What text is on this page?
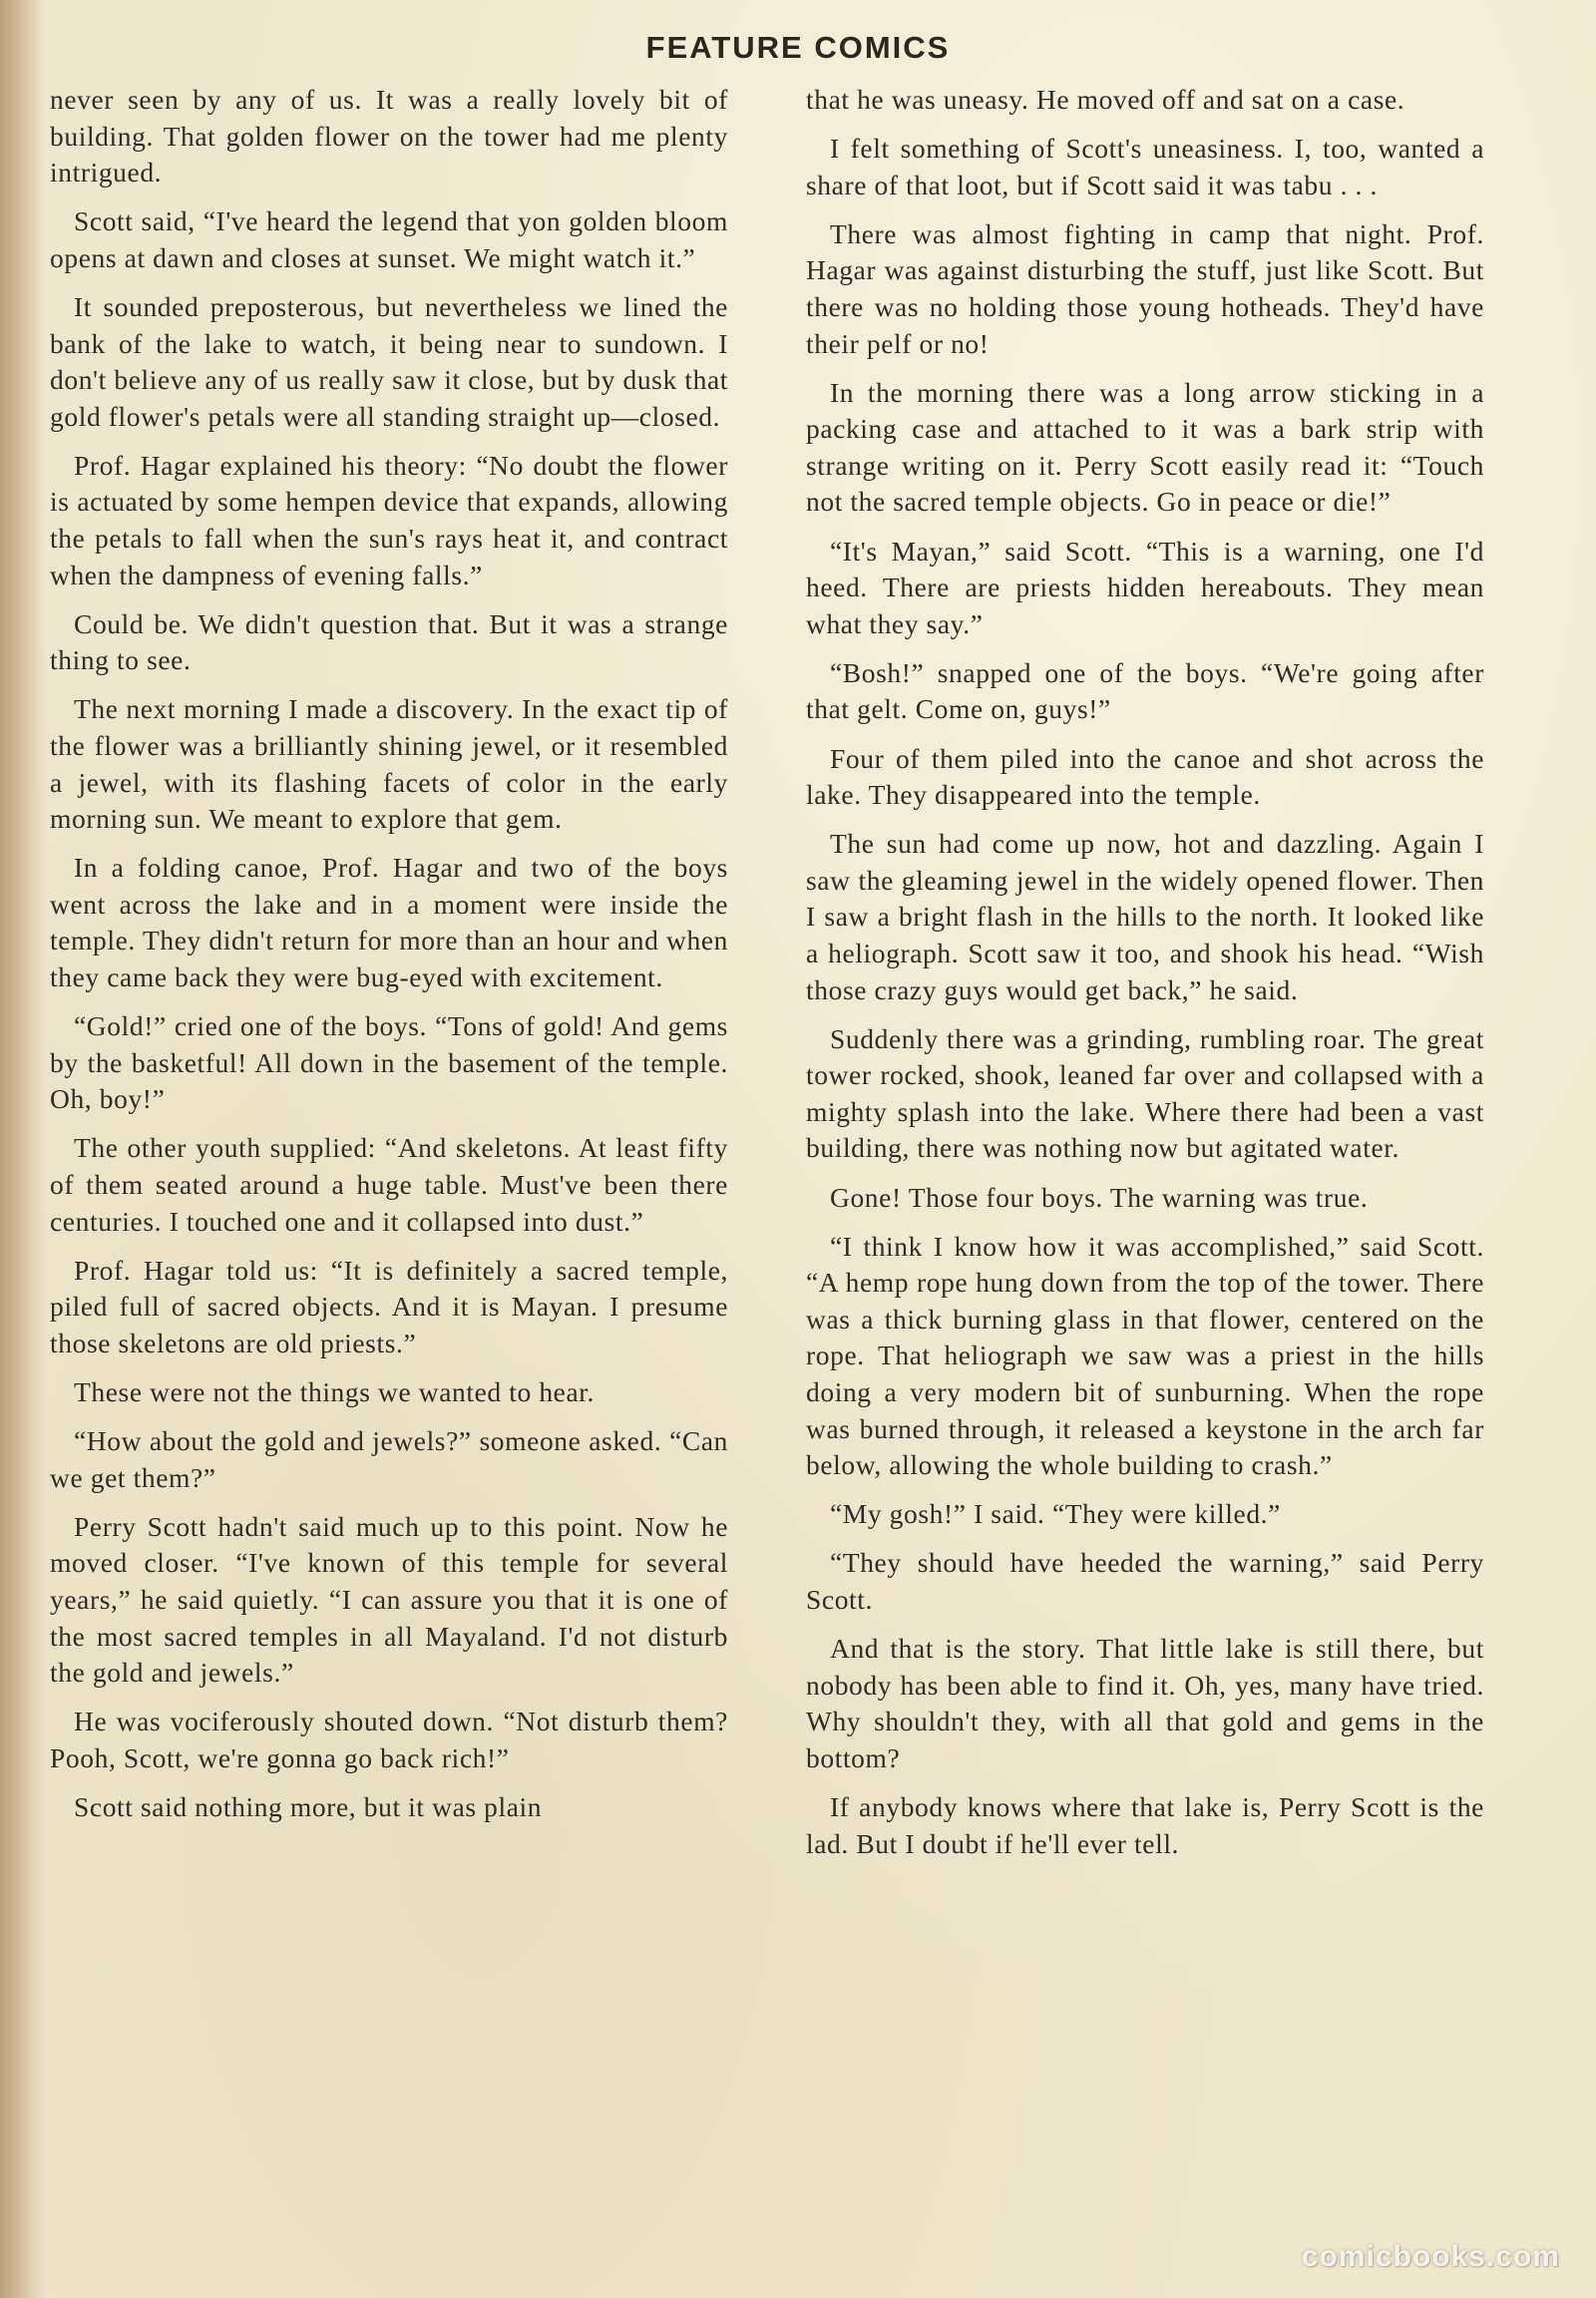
FEATURE COMICS

never seen by any of us. It was a really lovely bit of building. That golden flower on the tower had me plenty intrigued.

Scott said, “I've heard the legend that yon golden bloom opens at dawn and closes at sunset. We might watch it.”

It sounded preposterous, but nevertheless we lined the bank of the lake to watch, it being near to sundown. I don't believe any of us really saw it close, but by dusk that gold flower's petals were all standing straight up—closed.

Prof. Hagar explained his theory: “No doubt the flower is actuated by some hempen device that expands, allowing the petals to fall when the sun's rays heat it, and contract when the dampness of evening falls.”

Could be. We didn't question that. But it was a strange thing to see.

The next morning I made a discovery. In the exact tip of the flower was a brilliantly shining jewel, or it resembled a jewel, with its flashing facets of color in the early morning sun. We meant to explore that gem.

In a folding canoe, Prof. Hagar and two of the boys went across the lake and in a moment were inside the temple. They didn't return for more than an hour and when they came back they were bug-eyed with excitement.

“Gold!” cried one of the boys. “Tons of gold! And gems by the basketful! All down in the basement of the temple. Oh, boy!”

The other youth supplied: “And skeletons. At least fifty of them seated around a huge table. Must've been there centuries. I touched one and it collapsed into dust.”

Prof. Hagar told us: “It is definitely a sacred temple, piled full of sacred objects. And it is Mayan. I presume those skeletons are old priests.”

These were not the things we wanted to hear.

“How about the gold and jewels?” someone asked. “Can we get them?”

Perry Scott hadn't said much up to this point. Now he moved closer. “I've known of this temple for several years,” he said quietly. “I can assure you that it is one of the most sacred temples in all Mayaland. I'd not disturb the gold and jewels.”

He was vociferously shouted down. “Not disturb them? Pooh, Scott, we're gonna go back rich!”

Scott said nothing more, but it was plain

that he was uneasy. He moved off and sat on a case.

I felt something of Scott's uneasiness. I, too, wanted a share of that loot, but if Scott said it was tabu . . .

There was almost fighting in camp that night. Prof. Hagar was against disturbing the stuff, just like Scott. But there was no holding those young hotheads. They'd have their pelf or no!

In the morning there was a long arrow sticking in a packing case and attached to it was a bark strip with strange writing on it. Perry Scott easily read it: “Touch not the sacred temple objects. Go in peace or die!”

“It's Mayan,” said Scott. “This is a warning, one I'd heed. There are priests hidden hereabouts. They mean what they say.”

“Bosh!” snapped one of the boys. “We're going after that gelt. Come on, guys!”

Four of them piled into the canoe and shot across the lake. They disappeared into the temple.

The sun had come up now, hot and dazzling. Again I saw the gleaming jewel in the widely opened flower. Then I saw a bright flash in the hills to the north. It looked like a heliograph. Scott saw it too, and shook his head. “Wish those crazy guys would get back,” he said.

Suddenly there was a grinding, rumbling roar. The great tower rocked, shook, leaned far over and collapsed with a mighty splash into the lake. Where there had been a vast building, there was nothing now but agitated water.

Gone! Those four boys. The warning was true.

“I think I know how it was accomplished,” said Scott. “A hemp rope hung down from the top of the tower. There was a thick burning glass in that flower, centered on the rope. That heliograph we saw was a priest in the hills doing a very modern bit of sunburning. When the rope was burned through, it released a keystone in the arch far below, allowing the whole building to crash.”

“My gosh!” I said. “They were killed.”

“They should have heeded the warning,” said Perry Scott.

And that is the story. That little lake is still there, but nobody has been able to find it. Oh, yes, many have tried. Why shouldn't they, with all that gold and gems in the bottom?

If anybody knows where that lake is, Perry Scott is the lad. But I doubt if he'll ever tell.

comicbooks.com
